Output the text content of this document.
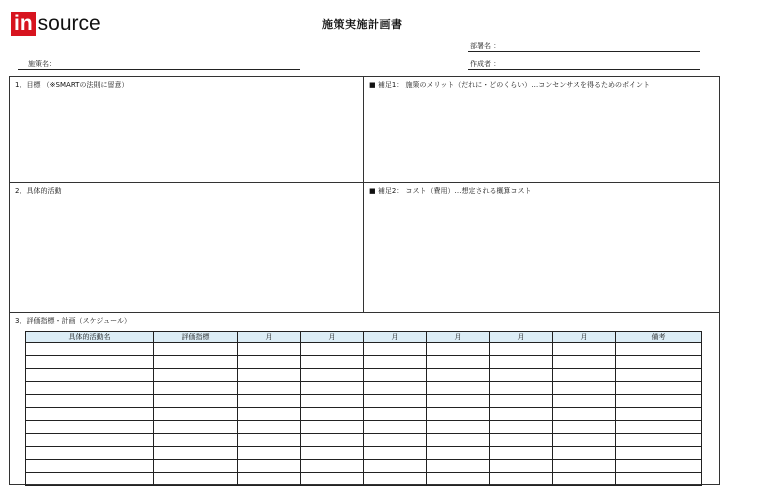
in source	施策実施計画書
部署名 ：
施策名：	作成者 ：
1．目標 （※SMARTの法則に留意）	■ 補足1： 施策のメリット（だれに・どのくらい）…コンセンサスを得るためのポイント
2．具体的活動	■ 補足2： コスト（費用）…想定される概算コスト
3．評価指標・計画（スケジュール）
具体的活動名	評価指標	月	月	月	月	月	月	備考
